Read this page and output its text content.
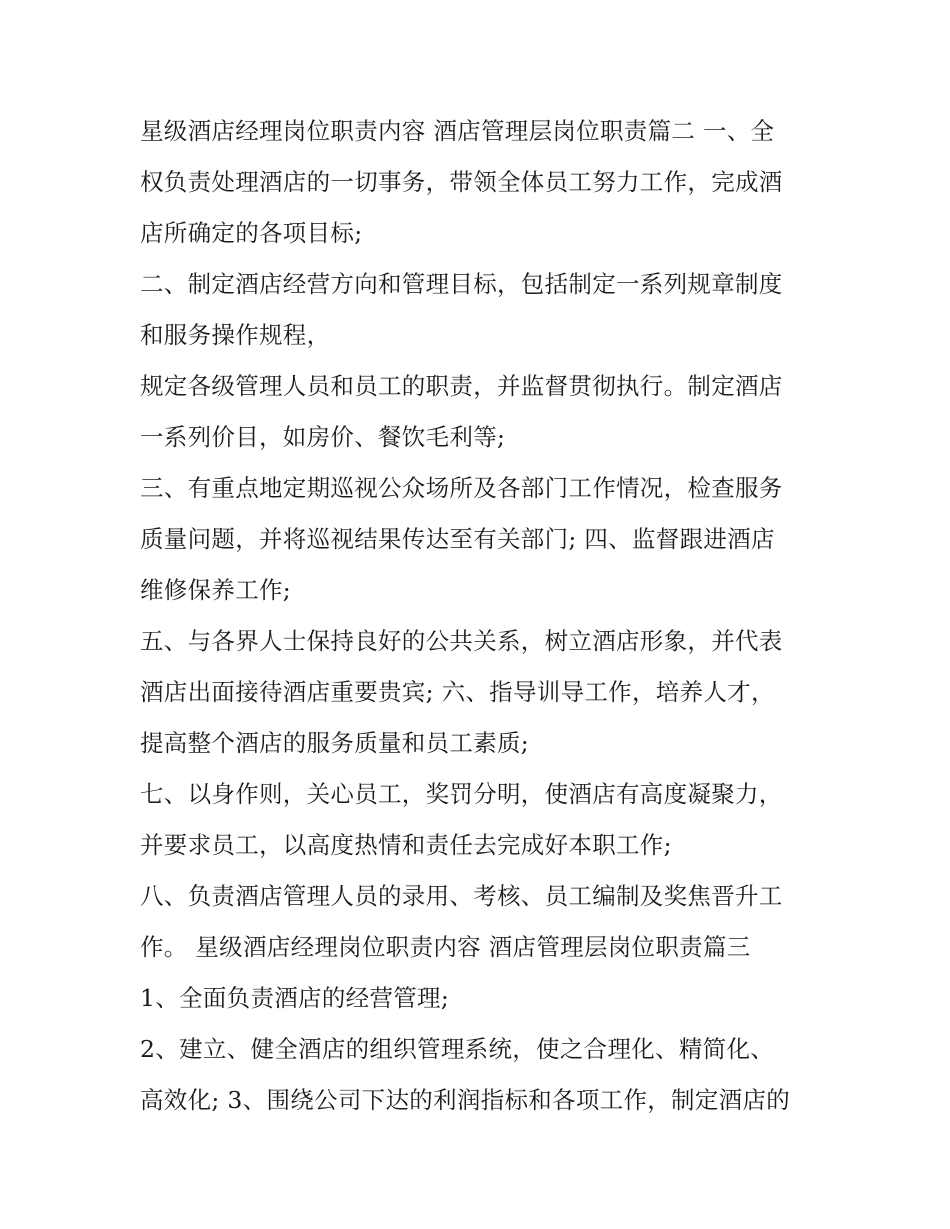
星级酒店经理岗位职责内容 酒店管理层岗位职责篇二 一、全
权负责处理酒店的一切事务，带领全体员工努力工作，完成酒
店所确定的各项目标;
二、制定酒店经营方向和管理目标，包括制定一系列规章制度
和服务操作规程，
规定各级管理人员和员工的职责，并监督贯彻执行。制定酒店
一系列价目，如房价、餐饮毛利等;
三、有重点地定期巡视公众场所及各部门工作情况，检查服务
质量问题，并将巡视结果传达至有关部门; 四、监督跟进酒店
维修保养工作;
五、与各界人士保持良好的公共关系，树立酒店形象，并代表
酒店出面接待酒店重要贵宾; 六、指导训导工作，培养人才，
提高整个酒店的服务质量和员工素质;
七、以身作则，关心员工，奖罚分明，使酒店有高度凝聚力，
并要求员工，以高度热情和责任去完成好本职工作;
八、负责酒店管理人员的录用、考核、员工编制及奖焦晋升工
作。 星级酒店经理岗位职责内容 酒店管理层岗位职责篇三
1、全面负责酒店的经营管理;
2、建立、健全酒店的组织管理系统，使之合理化、精简化、
高效化; 3、围绕公司下达的利润指标和各项工作，制定酒店的
